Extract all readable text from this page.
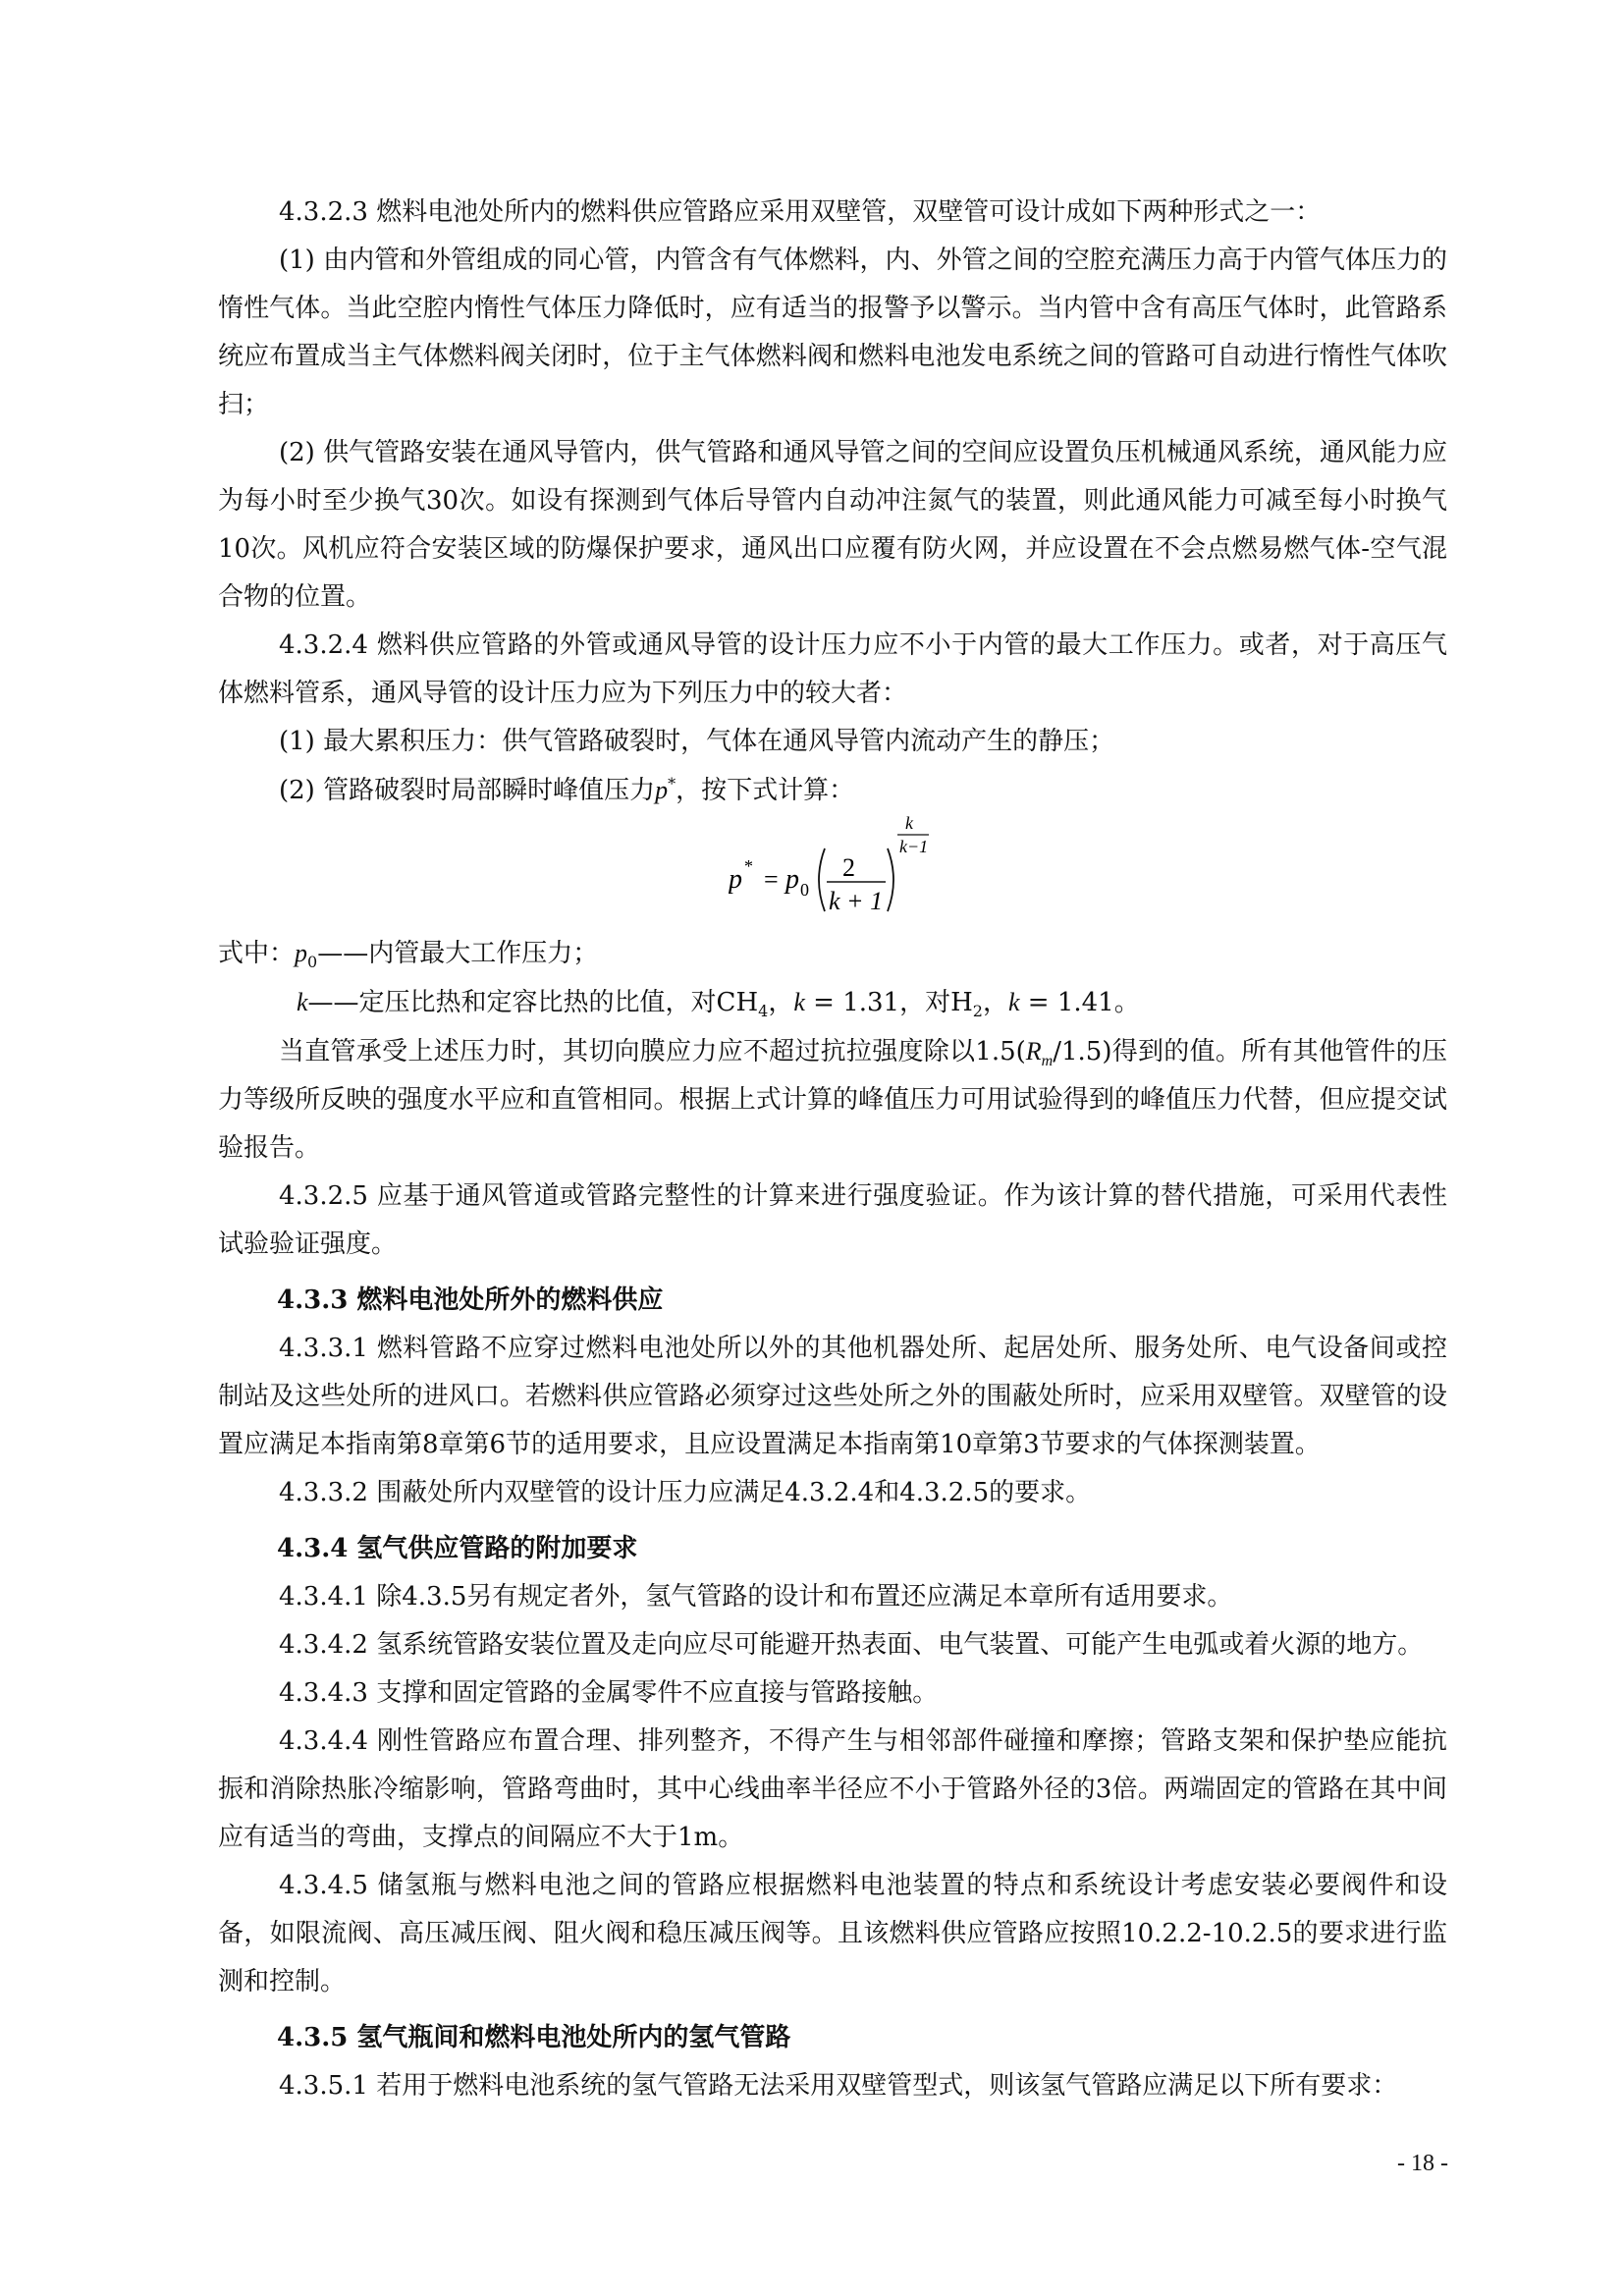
4.3.2.3 燃料电池处所内的燃料供应管路应采用双壁管，双壁管可设计成如下两种形式之一：

(1) 由内管和外管组成的同心管，内管含有气体燃料，内、外管之间的空腔充满压力高于内管气体压力的惰性气体。当此空腔内惰性气体压力降低时，应有适当的报警予以警示。当内管中含有高压气体时，此管路系统应布置成当主气体燃料阀关闭时，位于主气体燃料阀和燃料电池发电系统之间的管路可自动进行惰性气体吹扫；

(2) 供气管路安装在通风导管内，供气管路和通风导管之间的空间应设置负压机械通风系统，通风能力应为每小时至少换气30次。如设有探测到气体后导管内自动冲注氮气的装置，则此通风能力可减至每小时换气10次。风机应符合安装区域的防爆保护要求，通风出口应覆有防火网，并应设置在不会点燃易燃气体-空气混合物的位置。

4.3.2.4 燃料供应管路的外管或通风导管的设计压力应不小于内管的最大工作压力。或者，对于高压气体燃料管系，通风导管的设计压力应为下列压力中的较大者：

(1) 最大累积压力：供气管路破裂时，气体在通风导管内流动产生的静压；

(2) 管路破裂时局部瞬时峰值压力p*，按下式计算：

p * = p 0
2
k + 1
k
k−1

式中：$p_0——$内管最大工作压力；

k——定压比热和定容比热的比值，对$CH_4$，k = 1.31，对$H_2$，k = 1.41。

当直管承受上述压力时，其切向膜应力应不超过抗拉强度除以$1.5(R_m/1.5)$得到的值。所有其他管件的压力等级所反映的强度水平应和直管相同。根据上式计算的峰值压力可用试验得到的峰值压力代替，但应提交试验报告。

4.3.2.5 应基于通风管道或管路完整性的计算来进行强度验证。作为该计算的替代措施，可采用代表性试验验证强度。

4.3.3 燃料电池处所外的燃料供应

4.3.3.1 燃料管路不应穿过燃料电池处所以外的其他机器处所、起居处所、服务处所、电气设备间或控制站及这些处所的进风口。若燃料供应管路必须穿过这些处所之外的围蔽处所时，应采用双壁管。双壁管的设置应满足本指南第8章第6节的适用要求，且应设置满足本指南第10章第3节要求的气体探测装置。

4.3.3.2 围蔽处所内双壁管的设计压力应满足4.3.2.4和4.3.2.5的要求。

4.3.4 氢气供应管路的附加要求

4.3.4.1 除4.3.5另有规定者外，氢气管路的设计和布置还应满足本章所有适用要求。

4.3.4.2 氢系统管路安装位置及走向应尽可能避开热表面、电气装置、可能产生电弧或着火源的地方。

4.3.4.3 支撑和固定管路的金属零件不应直接与管路接触。

4.3.4.4 刚性管路应布置合理、排列整齐，不得产生与相邻部件碰撞和摩擦；管路支架和保护垫应能抗振和消除热胀冷缩影响，管路弯曲时，其中心线曲率半径应不小于管路外径的3倍。两端固定的管路在其中间应有适当的弯曲，支撑点的间隔应不大于1m。

4.3.4.5 储氢瓶与燃料电池之间的管路应根据燃料电池装置的特点和系统设计考虑安装必要阀件和设备，如限流阀、高压减压阀、阻火阀和稳压减压阀等。且该燃料供应管路应按照10.2.2-10.2.5的要求进行监测和控制。

4.3.5 氢气瓶间和燃料电池处所内的氢气管路

4.3.5.1 若用于燃料电池系统的氢气管路无法采用双壁管型式，则该氢气管路应满足以下所有要求：

- 18 -
